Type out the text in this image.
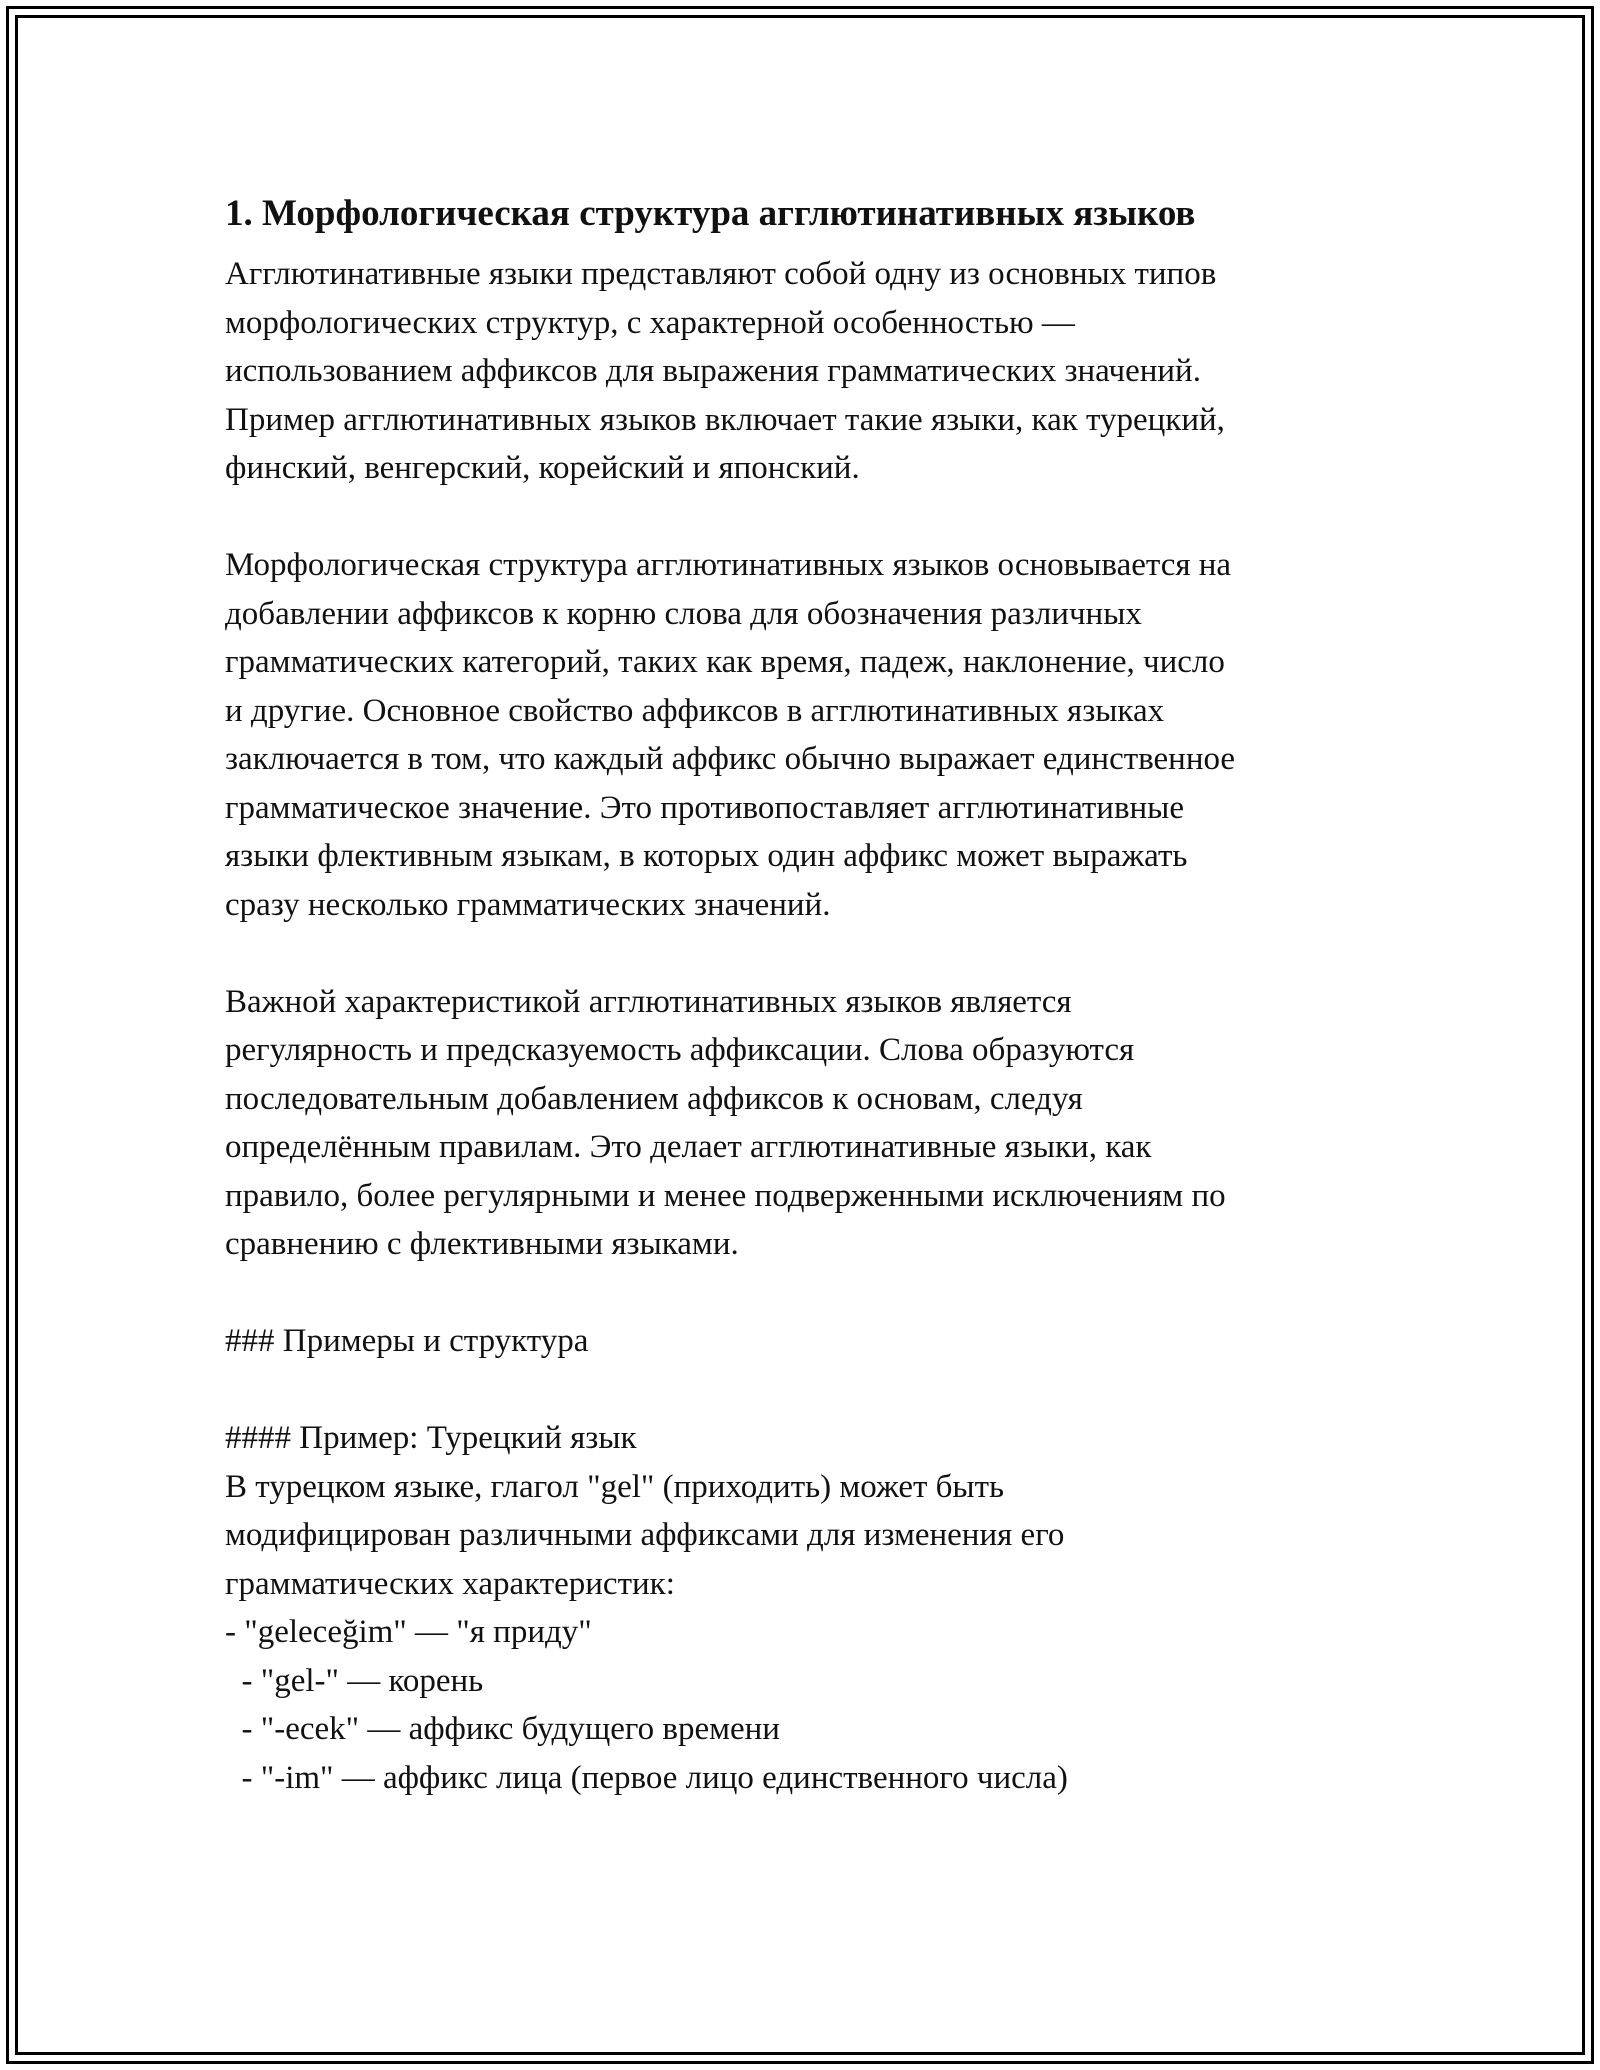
1. Морфологическая структура агглютинативных языков

Агглютинативные языки представляют собой одну из основных типов
морфологических структур, с характерной особенностью —
использованием аффиксов для выражения грамматических значений.
Пример агглютинативных языков включает такие языки, как турецкий,
финский, венгерский, корейский и японский.

Морфологическая структура агглютинативных языков основывается на
добавлении аффиксов к корню слова для обозначения различных
грамматических категорий, таких как время, падеж, наклонение, число
и другие. Основное свойство аффиксов в агглютинативных языках
заключается в том, что каждый аффикс обычно выражает единственное
грамматическое значение. Это противопоставляет агглютинативные
языки флективным языкам, в которых один аффикс может выражать
сразу несколько грамматических значений.

Важной характеристикой агглютинативных языков является
регулярность и предсказуемость аффиксации. Слова образуются
последовательным добавлением аффиксов к основам, следуя
определённым правилам. Это делает агглютинативные языки, как
правило, более регулярными и менее подверженными исключениям по
сравнению с флективными языками.

### Примеры и структура

#### Пример: Турецкий язык
В турецком языке, глагол "gel" (приходить) может быть
модифицирован различными аффиксами для изменения его
грамматических характеристик:
- "geleceğim" — "я приду"
- "gel-" — корень
- "-ecek" — аффикс будущего времени
- "-im" — аффикс лица (первое лицо единственного числа)
